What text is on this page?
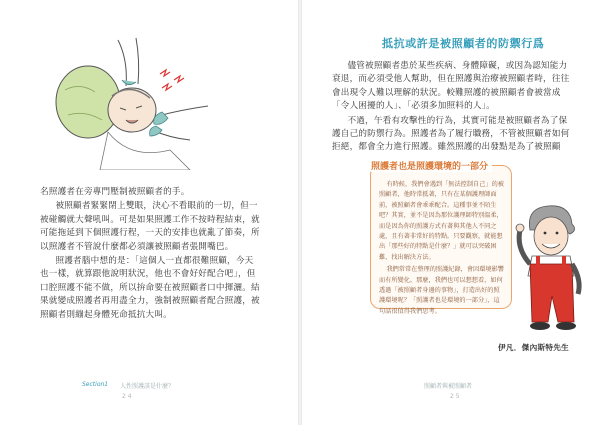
名照護者在旁專門壓制被照顧者的手。

被照顧者緊緊閉上雙眼，決心不看眼前的一切，但一被碰觸就大聲吼叫。可是如果照護工作不按時程結束，就可能拖延到下個照護行程，一天的安排也就亂了節奏，所以照護者不管說什麼都必須讓被照顧者張開嘴巴。

照護者腦中想的是：「這個人一直都很難照顧，今天也一樣，就算跟他說明狀況，他也不會好好配合吧」，但口腔照護不能不做，所以拚命要在被照顧者口中揮灑。結果就變成照護者再用盡全力，強制被照顧者配合照護，被照顧者則繃起身體死命抵抗大叫。

Section1	人性照護該是什麼？

2 4

抵抗或許是被照顧者的防禦行爲

儘管被照顧者患於某些疾病、身體障礙，或因為認知能力衰退，而必須受他人幫助，但在照護與治療被照顧者時，往往會出現令人難以理解的狀況。較難照護的被照顧者會被當成「令人困擾的人」、「必須多加照料的人」。

不過，午看有攻擊性的行為，其實可能是被照顧者為了保護自己的防禦行為。照護者為了履行職務，不管被照顧者如何拒絕，都會全力進行照護。雖然照護的出發點是為了被照顧

照護者也是照護環境的一部分

有時候，我們會遇到「無法控制自己」的被照顧者，他時常抵著，只有在某個護理師面前，被照顧者會乖乖配合。這種事並不陌生吧？其實，並不是因為那位護理師特別溫柔，而是因為你的照護方式有著與其他人不同之處，且有著非常好的特點。只要觀察，就能想出「那些好的特點是什麼？」就可以突破困難，找出解決方法。

我們常常在整理的照護紀錄，會因環境影響而有所變化。那麼，我們也可以想想看，如何透過「被照顧者身邊的事物」，打造出好的照護環境呢？「照護者也是環境的一部分」，這句話很值得我們思考。

伊凡．傑內斯特先生

照顧者與被照顧者

2 5
